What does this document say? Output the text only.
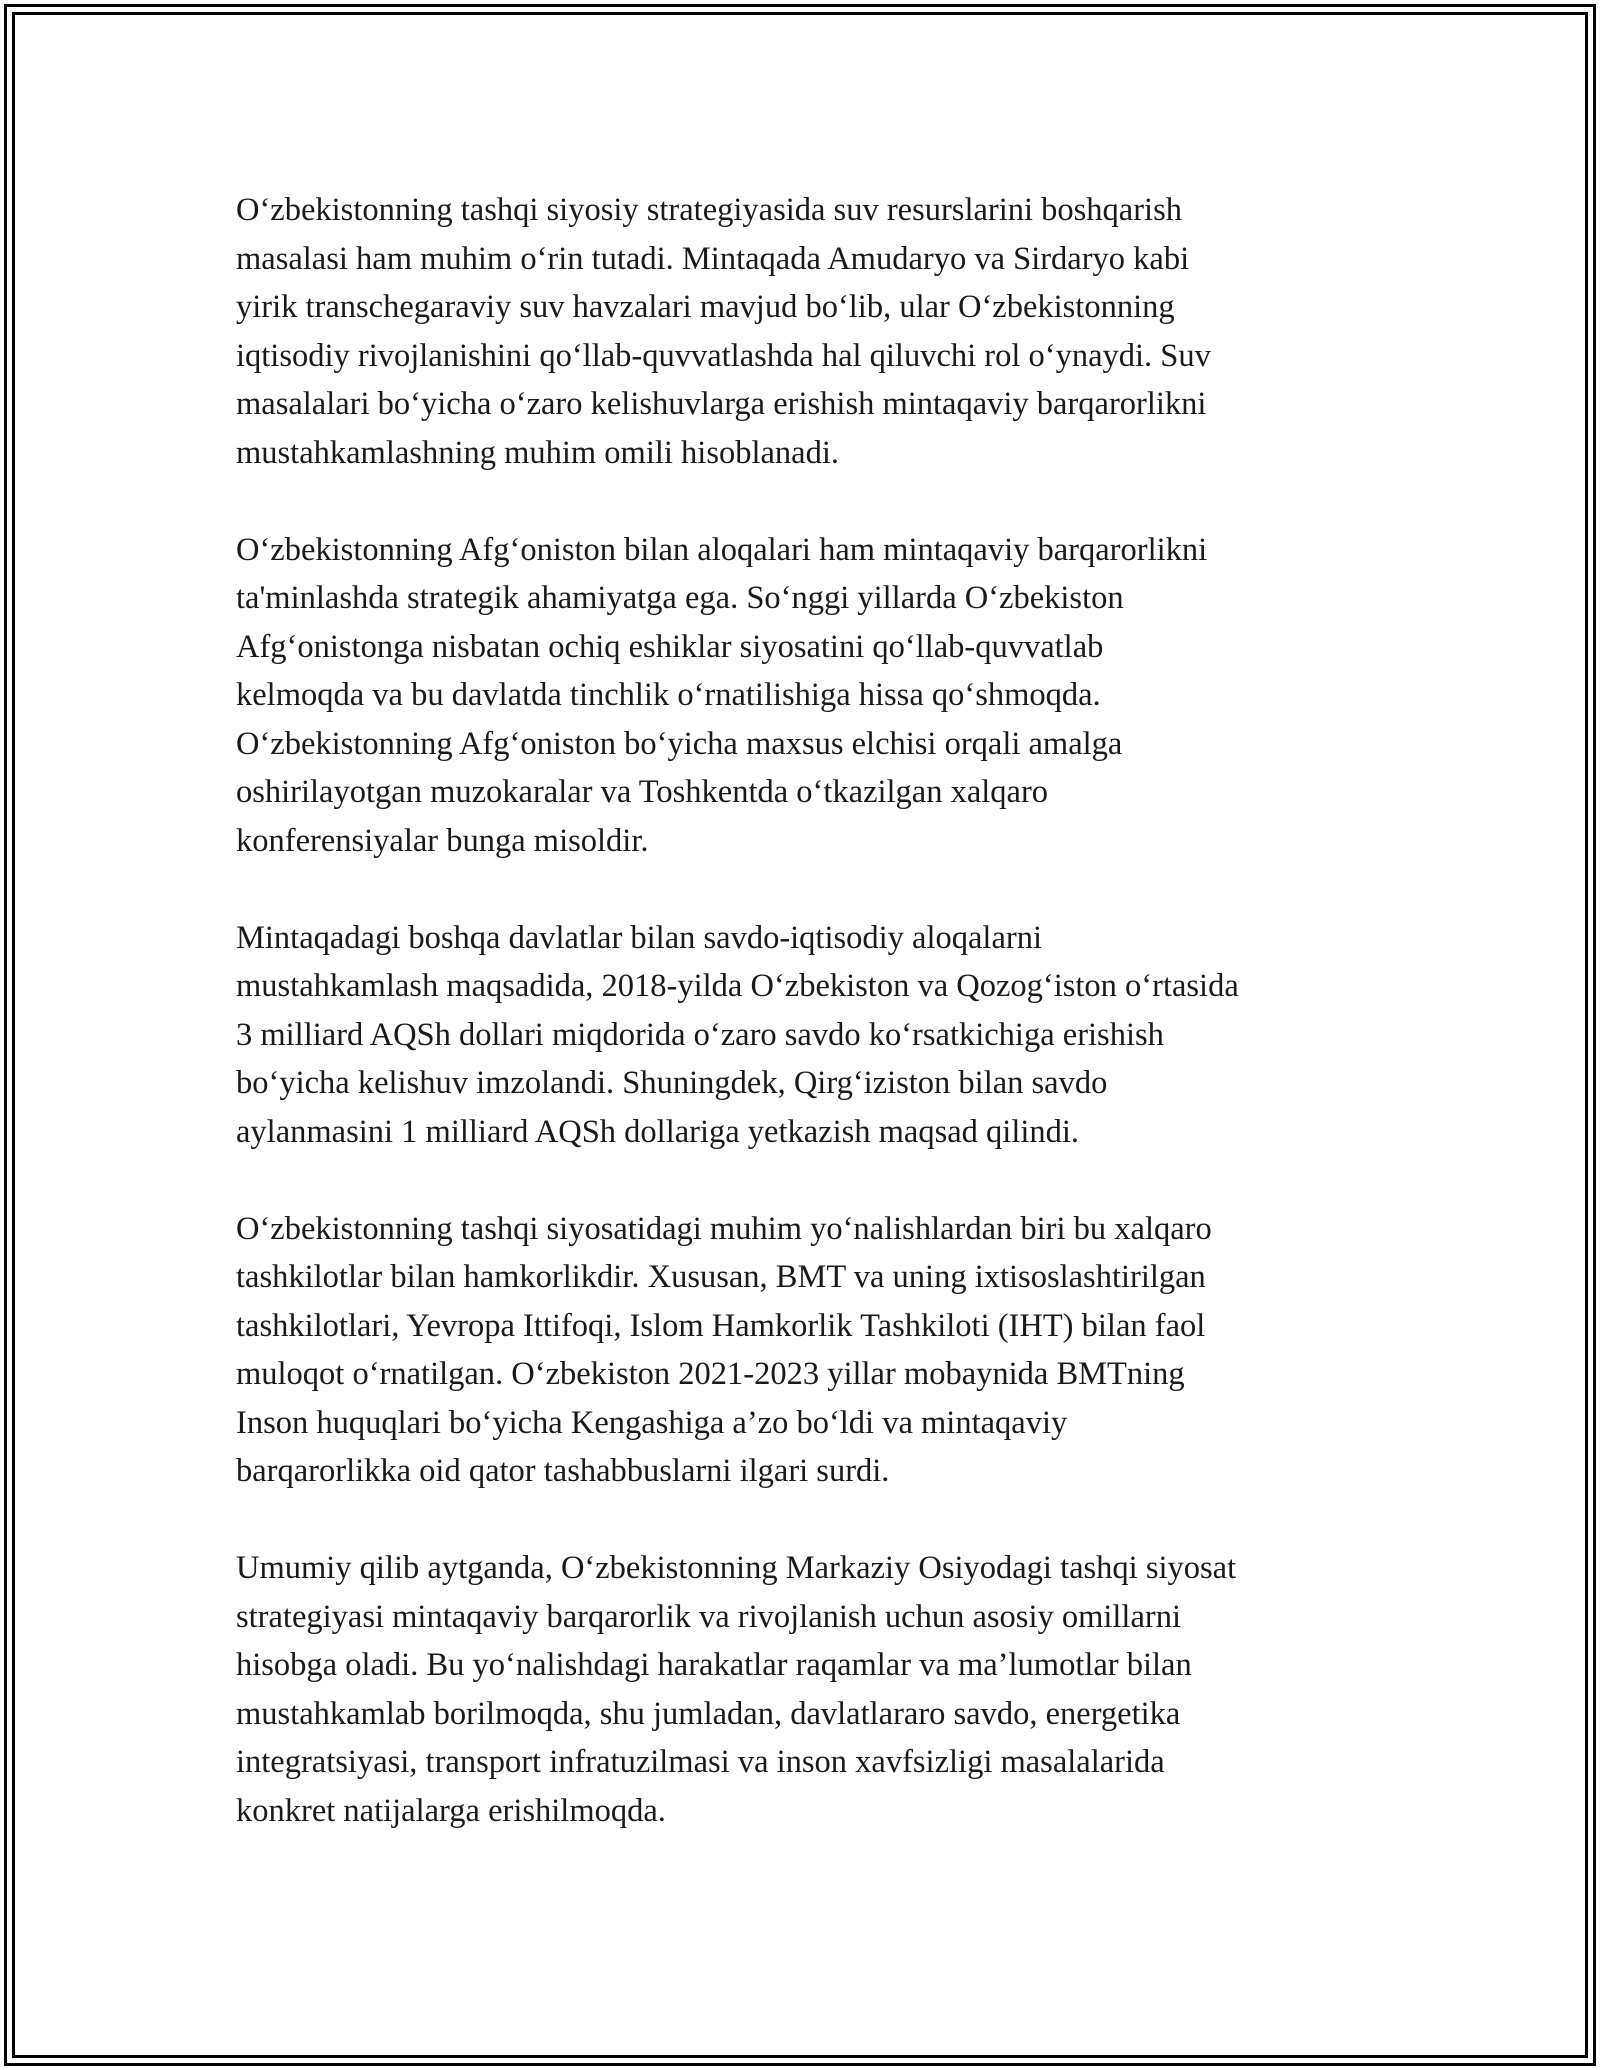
O‘zbekistonning tashqi siyosiy strategiyasida suv resurslarini boshqarish
masalasi ham muhim o‘rin tutadi. Mintaqada Amudaryo va Sirdaryo kabi
yirik transchegaraviy suv havzalari mavjud bo‘lib, ular O‘zbekistonning
iqtisodiy rivojlanishini qo‘llab-quvvatlashda hal qiluvchi rol o‘ynaydi. Suv
masalalari bo‘yicha o‘zaro kelishuvlarga erishish mintaqaviy barqarorlikni
mustahkamlashning muhim omili hisoblanadi.

O‘zbekistonning Afg‘oniston bilan aloqalari ham mintaqaviy barqarorlikni
ta'minlashda strategik ahamiyatga ega. So‘nggi yillarda O‘zbekiston
Afg‘onistonga nisbatan ochiq eshiklar siyosatini qo‘llab-quvvatlab
kelmoqda va bu davlatda tinchlik o‘rnatilishiga hissa qo‘shmoqda.
O‘zbekistonning Afg‘oniston bo‘yicha maxsus elchisi orqali amalga
oshirilayotgan muzokaralar va Toshkentda o‘tkazilgan xalqaro
konferensiyalar bunga misoldir.

Mintaqadagi boshqa davlatlar bilan savdo-iqtisodiy aloqalarni
mustahkamlash maqsadida, 2018-yilda O‘zbekiston va Qozog‘iston o‘rtasida
3 milliard AQSh dollari miqdorida o‘zaro savdo ko‘rsatkichiga erishish
bo‘yicha kelishuv imzolandi. Shuningdek, Qirg‘iziston bilan savdo
aylanmasini 1 milliard AQSh dollariga yetkazish maqsad qilindi.

O‘zbekistonning tashqi siyosatidagi muhim yo‘nalishlardan biri bu xalqaro
tashkilotlar bilan hamkorlikdir. Xususan, BMT va uning ixtisoslashtirilgan
tashkilotlari, Yevropa Ittifoqi, Islom Hamkorlik Tashkiloti (IHT) bilan faol
muloqot o‘rnatilgan. O‘zbekiston 2021-2023 yillar mobaynida BMTning
Inson huquqlari bo‘yicha Kengashiga a’zo bo‘ldi va mintaqaviy
barqarorlikka oid qator tashabbuslarni ilgari surdi.

Umumiy qilib aytganda, O‘zbekistonning Markaziy Osiyodagi tashqi siyosat
strategiyasi mintaqaviy barqarorlik va rivojlanish uchun asosiy omillarni
hisobga oladi. Bu yo‘nalishdagi harakatlar raqamlar va ma’lumotlar bilan
mustahkamlab borilmoqda, shu jumladan, davlatlararo savdo, energetika
integratsiyasi, transport infratuzilmasi va inson xavfsizligi masalalarida
konkret natijalarga erishilmoqda.
